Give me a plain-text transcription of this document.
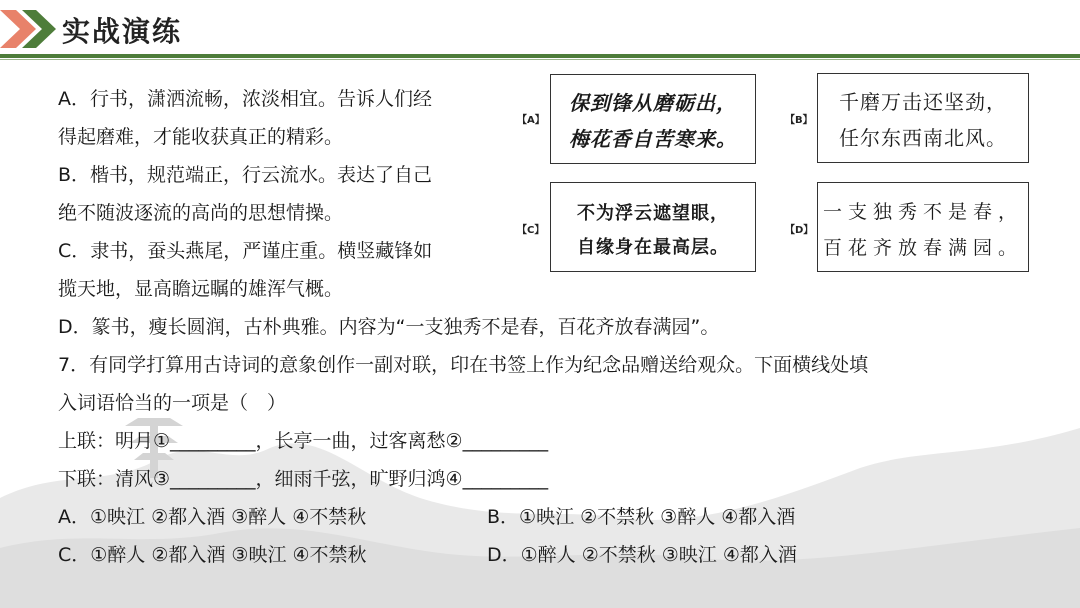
实战演练
A．行书，潇洒流畅，浓淡相宜。告诉人们经
得起磨难，才能收获真正的精彩。
B．楷书，规范端正，行云流水。表达了自己
绝不随波逐流的高尚的思想情操。
C．隶书，蚕头燕尾，严谨庄重。横竖藏锋如
揽天地，显高瞻远瞩的雄浑气概。
D．篆书，瘦长圆润，古朴典雅。内容为“一支独秀不是春，百花齐放春满园”。
7．有同学打算用古诗词的意象创作一副对联，印在书签上作为纪念品赠送给观众。下面横线处填
入词语恰当的一项是（　）
上联：明月①_________，长亭一曲，过客离愁②_________
下联：清风③_________，细雨千弦，旷野归鸿④_________
A．①映江 ②都入酒 ③醉人 ④不禁秋	B．①映江 ②不禁秋 ③醉人 ④都入酒
C．①醉人 ②都入酒 ③映江 ④不禁秋	D．①醉人 ②不禁秋 ③映江 ④都入酒
【A】
保到锋从磨砺出，
梅花香自苦寒来。
【B】
千磨万击还坚劲，
任尔东西南北风。
【C】
不为浮云遮望眼，
自缘身在最高层。
【D】
一支独秀不是春，
百花齐放春满园。
